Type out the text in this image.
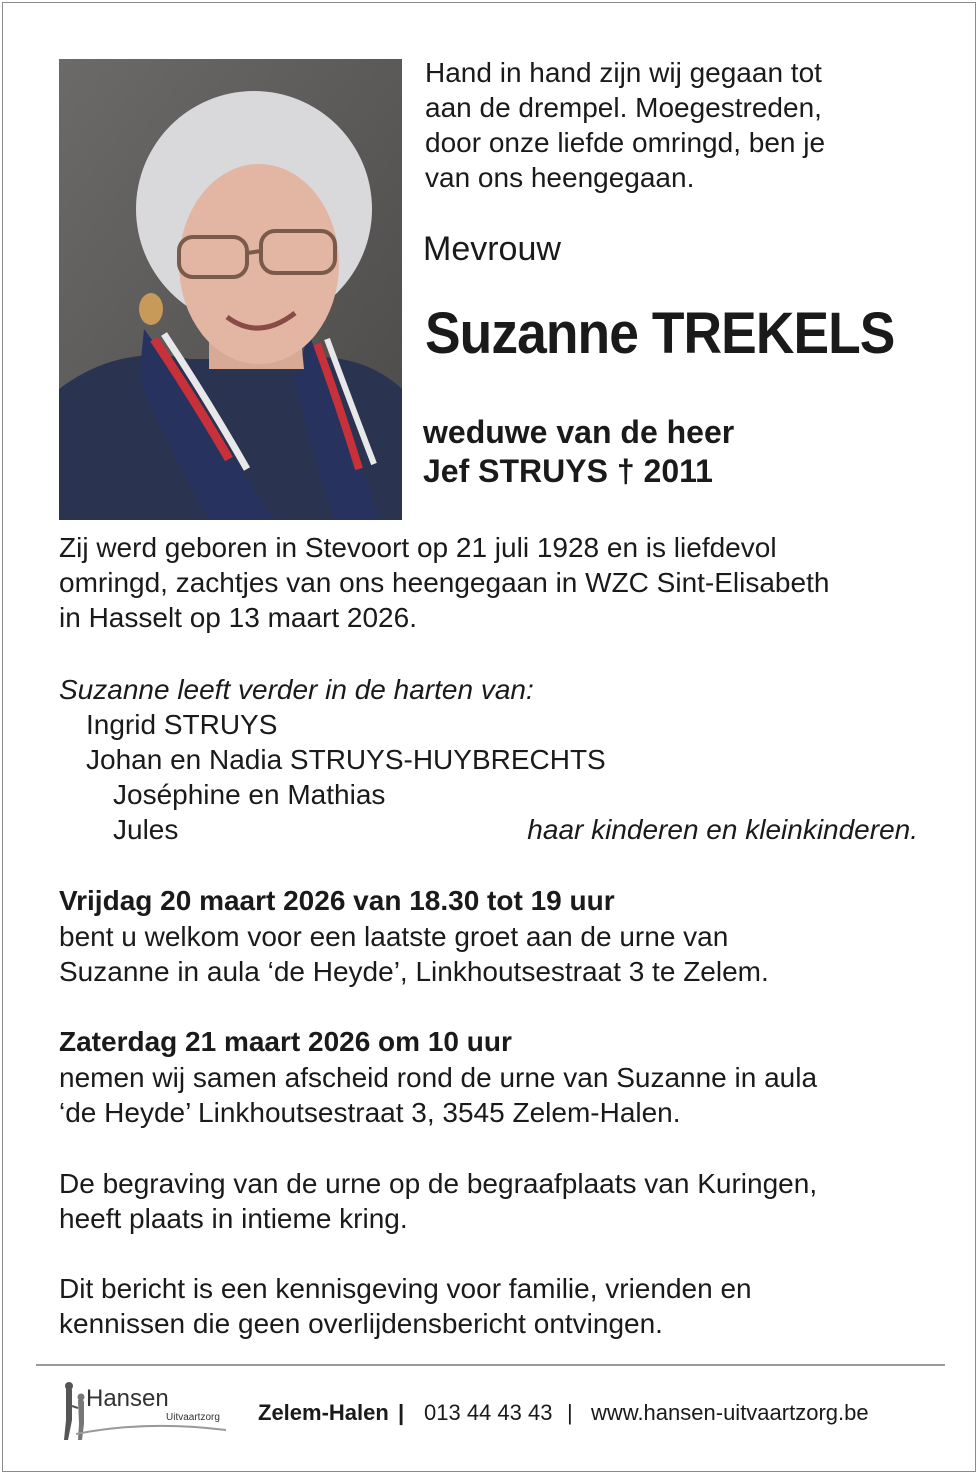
Hand in hand zijn wij gegaan tot
aan de drempel. Moegestreden,
door onze liefde omringd, ben je
van ons heengegaan.
Mevrouw
Suzanne TREKELS
weduwe van de heer
Jef STRUYS † 2011
Zij werd geboren in Stevoort op 21 juli 1928 en is liefdevol
omringd, zachtjes van ons heengegaan in WZC Sint-Elisabeth
in Hasselt op 13 maart 2026.
Suzanne leeft verder in de harten van:
Ingrid STRUYS
Johan en Nadia STRUYS-HUYBRECHTS
Joséphine en Mathias
Jules	haar kinderen en kleinkinderen.
Vrijdag 20 maart 2026 van 18.30 tot 19 uur
bent u welkom voor een laatste groet aan de urne van
Suzanne in aula ‘de Heyde’, Linkhoutsestraat 3 te Zelem.
Zaterdag 21 maart 2026 om 10 uur
nemen wij samen afscheid rond de urne van Suzanne in aula
‘de Heyde’ Linkhoutsestraat 3, 3545 Zelem-Halen.
De begraving van de urne op de begraafplaats van Kuringen,
heeft plaats in intieme kring.
Dit bericht is een kennisgeving voor familie, vrienden en
kennissen die geen overlijdensbericht ontvingen.
Hansen
Uitvaartzorg Zelem-Halen | 013 44 43 43 | www.hansen-uitvaartzorg.be
